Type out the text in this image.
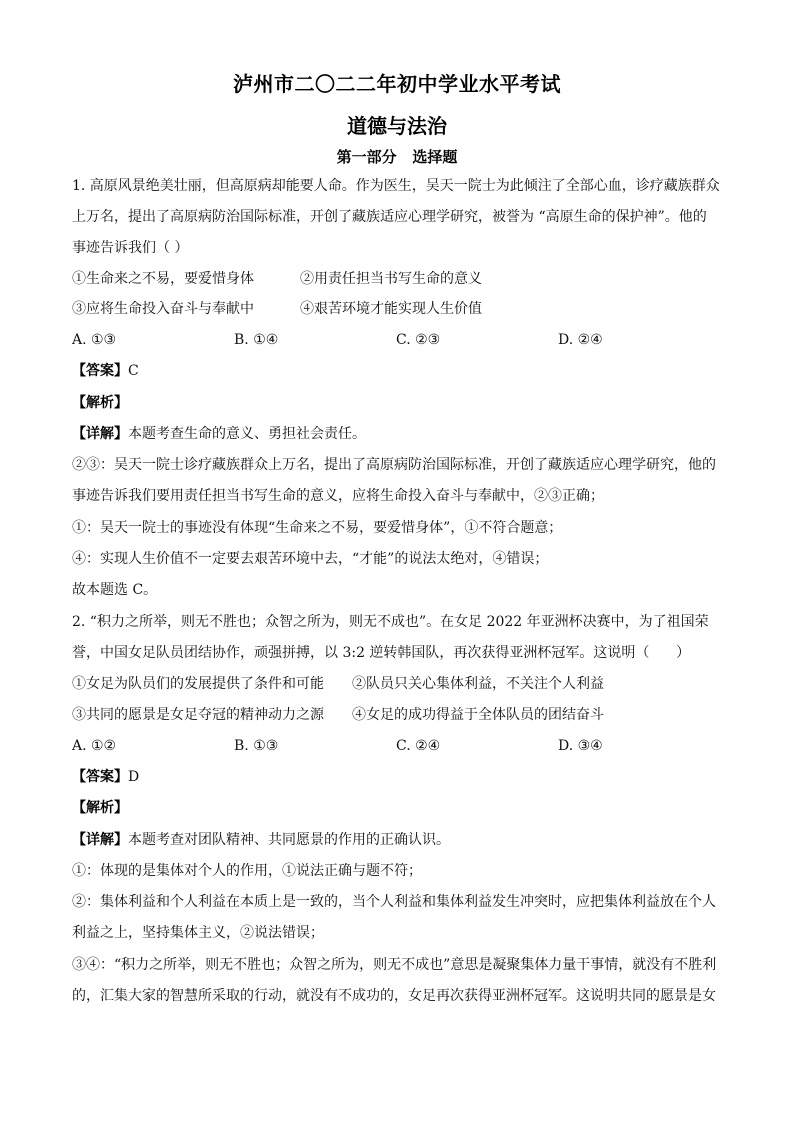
泸州市二〇二二年初中学业水平考试
道德与法治
第一部分   选择题
1. 高原风景绝美壮丽，但高原病却能要人命。作为医生，吴天一院士为此倾注了全部心血，诊疗藏族群众
上万名，提出了高原病防治国际标准，开创了藏族适应心理学研究，被誉为 “高原生命的保护神”。他的
事迹告诉我们（ ）
①生命来之不易，要爱惜身体	②用责任担当书写生命的意义
③应将生命投入奋斗与奉献中	④艰苦环境才能实现人生价值
A. ①③	B. ①④	C. ②③	D. ②④
【答案】C
【解析】
【详解】本题考查生命的意义、勇担社会责任。
②③：吴天一院士诊疗藏族群众上万名，提出了高原病防治国际标准，开创了藏族适应心理学研究，他的
事迹告诉我们要用责任担当书写生命的意义，应将生命投入奋斗与奉献中，②③正确；
①：吴天一院士的事迹没有体现“生命来之不易，要爱惜身体”，①不符合题意；
④：实现人生价值不一定要去艰苦环境中去，“才能”的说法太绝对，④错误；
故本题选 C。
2. “积力之所举，则无不胜也；众智之所为，则无不成也”。在女足 2022 年亚洲杯决赛中，为了祖国荣
誉，中国女足队员团结协作，顽强拼搏，以 3:2 逆转韩国队，再次获得亚洲杯冠军。这说明（      ）
①女足为队员们的发展提供了条件和可能 ②队员只关心集体利益，不关注个人利益
③共同的愿景是女足夺冠的精神动力之源 ④女足的成功得益于全体队员的团结奋斗
A. ①②	B. ①③	C. ②④	D. ③④
【答案】D
【解析】
【详解】本题考查对团队精神、共同愿景的作用的正确认识。
①：体现的是集体对个人的作用，①说法正确与题不符；
②：集体利益和个人利益在本质上是一致的，当个人利益和集体利益发生冲突时，应把集体利益放在个人
利益之上，坚持集体主义，②说法错误；
③④：“积力之所举，则无不胜也；众智之所为，则无不成也”意思是凝聚集体力量干事情，就没有不胜利
的，汇集大家的智慧所采取的行动，就没有不成功的，女足再次获得亚洲杯冠军。这说明共同的愿景是女
